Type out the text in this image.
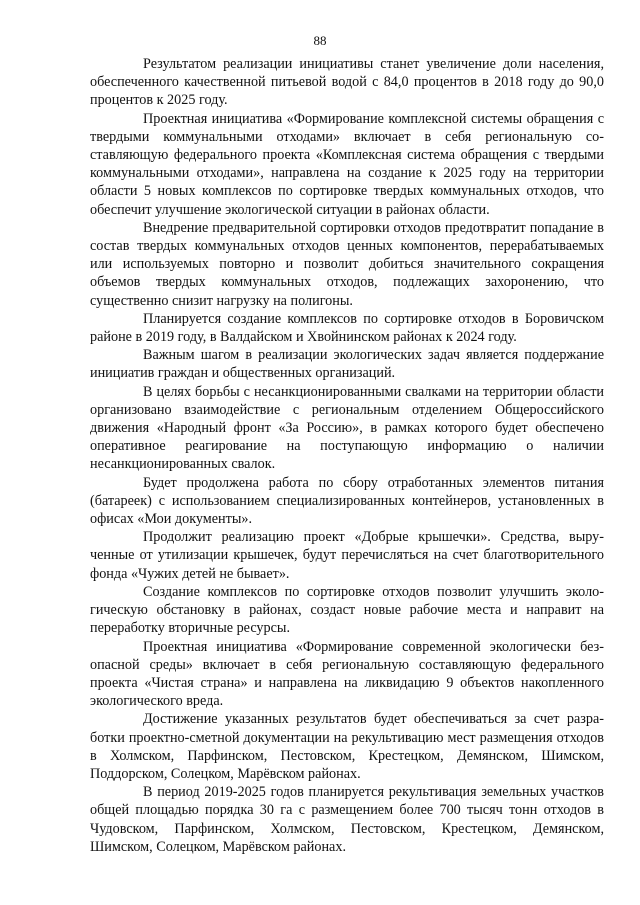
88

Результатом реализации инициативы станет увеличение доли населения, обеспеченного качественной питьевой водой с 84,0 процентов в 2018 году до 90,0 процентов к 2025 году.

Проектная инициатива «Формирование комплексной системы обращения с твердыми коммунальными отходами» включает в себя региональную составляющую федерального проекта «Комплексная система обращения с твердыми коммунальными отходами», направлена на создание к 2025 году на территории области 5 новых комплексов по сортировке твердых коммунальных отходов, что обеспечит улучшение экологической ситуации в районах области.

Внедрение предварительной сортировки отходов предотвратит попадание в состав твердых коммунальных отходов ценных компонентов, перерабатываемых или используемых повторно и позволит добиться значительного сокращения объемов твердых коммунальных отходов, подлежащих захоронению, что существенно снизит нагрузку на полигоны.

Планируется создание комплексов по сортировке отходов в Боровичском районе в 2019 году, в Валдайском и Хвойнинском районах к 2024 году.

Важным шагом в реализации экологических задач является поддержание инициатив граждан и общественных организаций.

В целях борьбы с несанкционированными свалками на территории области организовано взаимодействие с региональным отделением Общероссийского движения «Народный фронт «За Россию», в рамках которого будет обеспечено оперативное реагирование на поступающую информацию о наличии несанкционированных свалок.

Будет продолжена работа по сбору отработанных элементов питания (батареек) с использованием специализированных контейнеров, установленных в офисах «Мои документы».

Продолжит реализацию проект «Добрые крышечки». Средства, вырученные от утилизации крышечек, будут перечисляться на счет благотворительного фонда «Чужих детей не бывает».

Создание комплексов по сортировке отходов позволит улучшить экологическую обстановку в районах, создаст новые рабочие места и направит на переработку вторичные ресурсы.

Проектная инициатива «Формирование современной экологически безопасной среды» включает в себя региональную составляющую федерального проекта «Чистая страна» и направлена на ликвидацию 9 объектов накопленного экологического вреда.

Достижение указанных результатов будет обеспечиваться за счет разработки проектно-сметной документации на рекультивацию мест размещения отходов в Холмском, Парфинском, Пестовском, Крестецком, Демянском, Шимском, Поддорском, Солецком, Марёвском районах.

В период 2019-2025 годов планируется рекультивация земельных участков общей площадью порядка 30 га с размещением более 700 тысяч тонн отходов в Чудовском, Парфинском, Холмском, Пестовском, Крестецком, Демянском, Шимском, Солецком, Марёвском районах.
